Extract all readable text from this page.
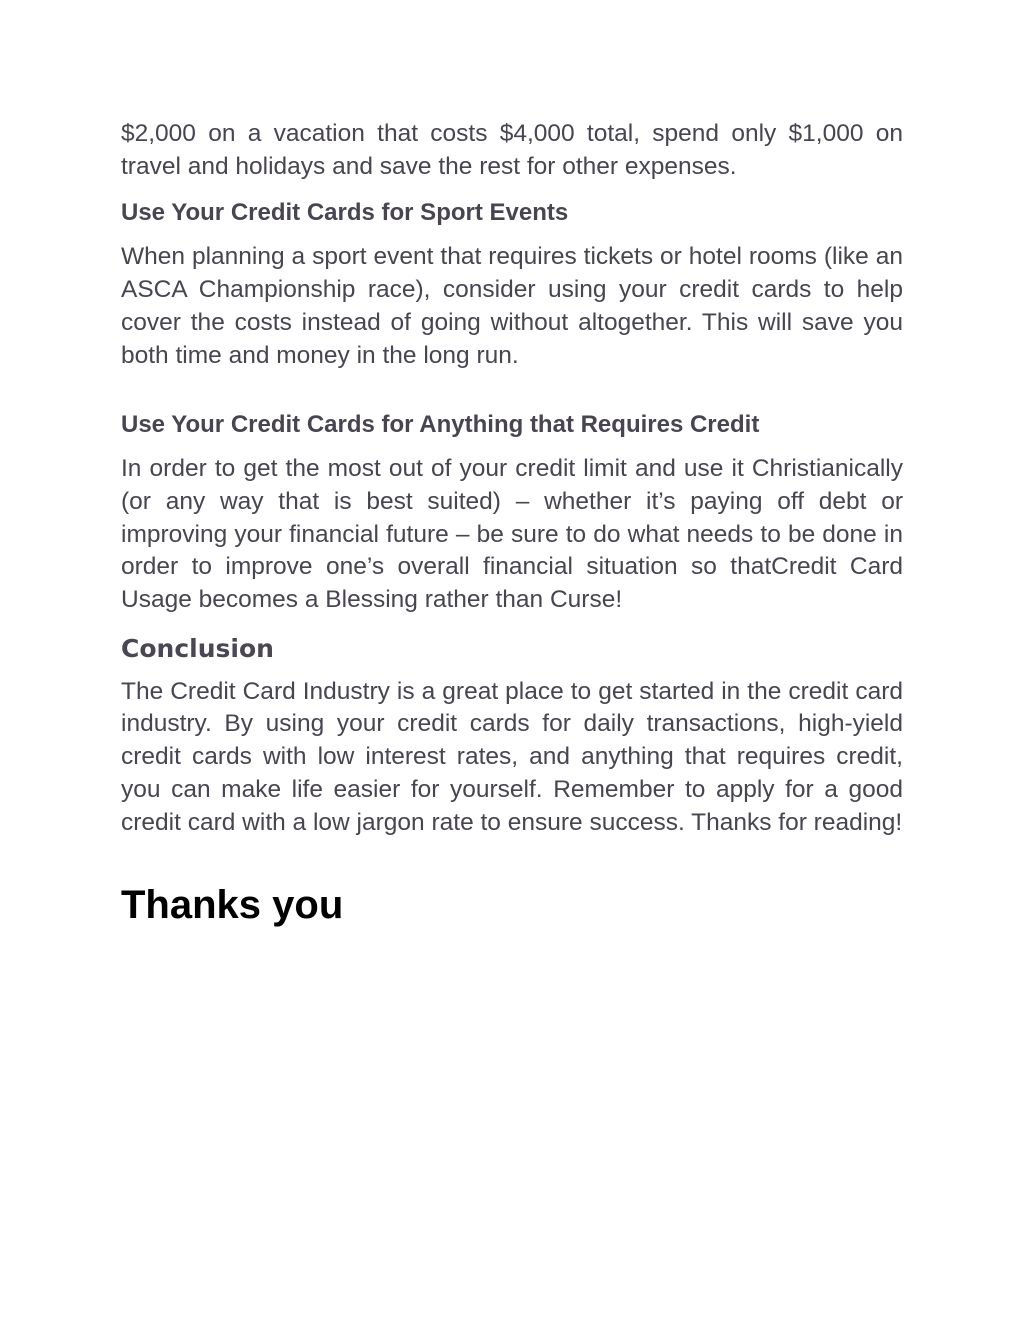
$2,000 on a vacation that costs $4,000 total, spend only $1,000 on travel and holidays and save the rest for other expenses.

Use Your Credit Cards for Sport Events

When planning a sport event that requires tickets or hotel rooms (like an ASCA Championship race), consider using your credit cards to help cover the costs instead of going without altogether. This will save you both time and money in the long run.

Use Your Credit Cards for Anything that Requires Credit

In order to get the most out of your credit limit and use it Christianically (or any way that is best suited) – whether it’s paying off debt or improving your financial future – be sure to do what needs to be done in order to improve one’s overall financial situation so thatCredit Card Usage becomes a Blessing rather than Curse!

Conclusion

The Credit Card Industry is a great place to get started in the credit card industry. By using your credit cards for daily transactions, high-yield credit cards with low interest rates, and anything that requires credit, you can make life easier for yourself. Remember to apply for a good credit card with a low jargon rate to ensure success. Thanks for reading!

Thanks you
